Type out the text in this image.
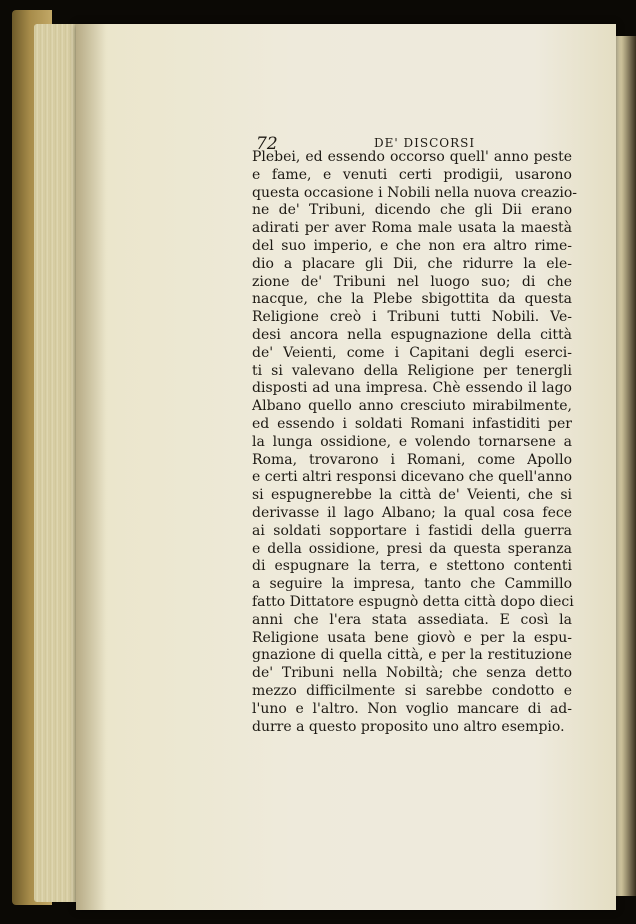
72	DE' DISCORSI
Plebei, ed essendo occorso quell' anno peste
e fame, e venuti certi prodigii, usarono
questa occasione i Nobili nella nuova creazio-
ne de' Tribuni, dicendo che gli Dii erano
adirati per aver Roma male usata la maestà
del suo imperio, e che non era altro rime-
dio a placare gli Dii, che ridurre la ele-
zione de' Tribuni nel luogo suo; di che
nacque, che la Plebe sbigottita da questa
Religione creò i Tribuni tutti Nobili. Ve-
desi ancora nella espugnazione della città
de' Veienti, come i Capitani degli eserci-
ti si valevano della Religione per tenergli
disposti ad una impresa. Chè essendo il lago
Albano quello anno cresciuto mirabilmente,
ed essendo i soldati Romani infastiditi per
la lunga ossidione, e volendo tornarsene a
Roma, trovarono i Romani, come Apollo
e certi altri responsi dicevano che quell'anno
si espugnerebbe la città de' Veienti, che si
derivasse il lago Albano; la qual cosa fece
ai soldati sopportare i fastidi della guerra
e della ossidione, presi da questa speranza
di espugnare la terra, e stettono contenti
a seguire la impresa, tanto che Cammillo
fatto Dittatore espugnò detta città dopo dieci
anni che l'era stata assediata. E così la
Religione usata bene giovò e per la espu-
gnazione di quella città, e per la restituzione
de' Tribuni nella Nobiltà; che senza detto
mezzo difficilmente si sarebbe condotto e
l'uno e l'altro. Non voglio mancare di ad-
durre a questo proposito uno altro esempio.
